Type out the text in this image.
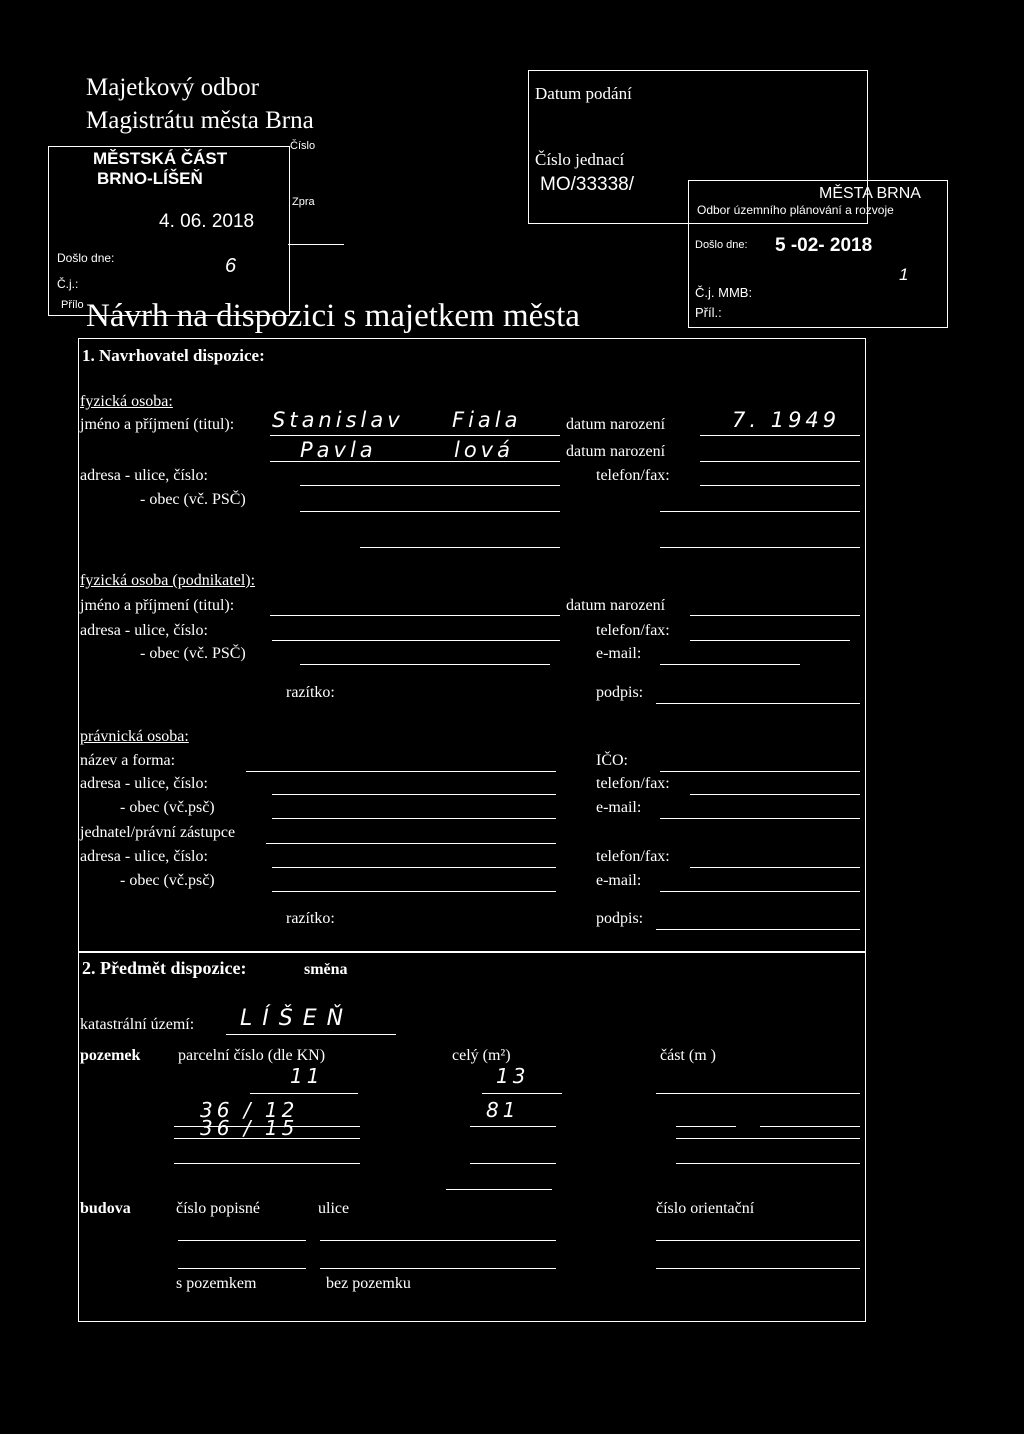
Majetkový odbor
Magistrátu města Brna
Datum podání
Číslo jednací
MO/33338/
MĚSTSKÁ ČÁST
BRNO-LÍŠEŇ
4. 06. 2018
Došlo dne:	6
Č.j.:
Přílo
Číslo
Zpra	MĚSTA BRNA
Odbor územního plánování a rozvoje
Došlo dne: 5 -02- 2018
1
Č.j. MMB:
Příl.:
Návrh na dispozici s majetkem města
1. Navrhovatel dispozice:
fyzická osoba:
jméno a příjmení (titul): Stanislav Fiala	datum narození	7. 1949
Pavla	lová	datum narození
adresa - ulice, číslo:	telefon/fax:
- obec (vč. PSČ)
fyzická osoba (podnikatel):
jméno a příjmení (titul):	datum narození
adresa - ulice, číslo:	telefon/fax:
- obec (vč. PSČ)	e-mail:
razítko:	podpis:
právnická osoba:
název a forma:	IČO:
adresa - ulice, číslo:	telefon/fax:
- obec (vč.psč)	e-mail:
jednatel/právní zástupce
adresa - ulice, číslo:	telefon/fax:
- obec (vč.psč)	e-mail:
razítko:	podpis:
2. Předmět dispozice:	směna
katastrální území: LÍŠEŇ
pozemek parcelní číslo (dle KN)	celý (m²)	část (m )
11	13
36 / 12	81
36 / 15
budova	číslo popisné	ulice	číslo orientační
s pozemkem	bez pozemku
